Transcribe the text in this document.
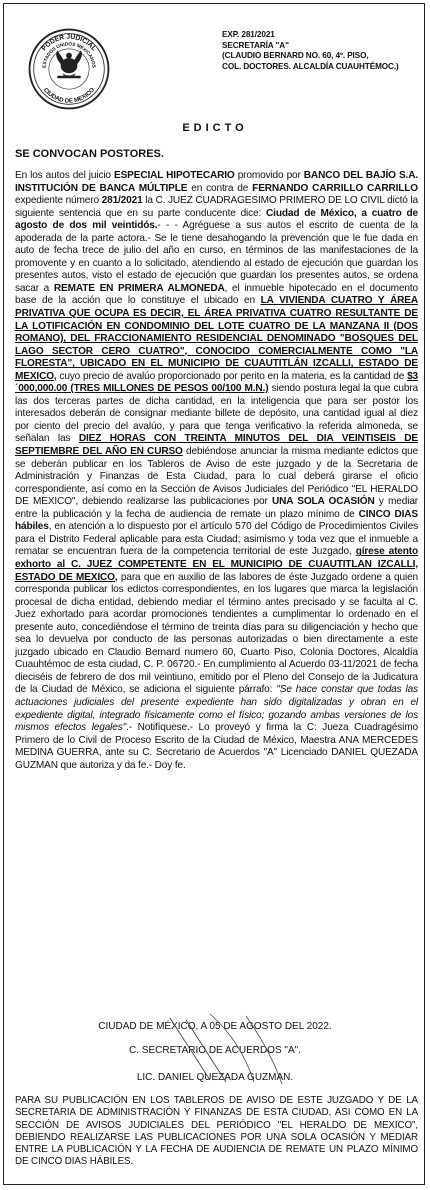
PODER JUDICIAL
ESTADOS UNIDOS MEXICANOS
CIUDAD DE MEXICO
EXP. 281/2021
SECRETARÍA "A"
(CLAUDIO BERNARD NO. 60, 4º. PISO,
COL. DOCTORES. ALCALDÍA CUAUHTÉMOC.)
EDICTO
SE CONVOCAN POSTORES.
En los autos del juicio ESPECIAL HIPOTECARIO promovido por BANCO DEL BAJÍO S.A. INSTITUCIÓN DE BANCA MÚLTIPLE en contra de FERNANDO CARRILLO CARRILLO expediente número 281/2021 la C. JUEZ CUADRAGESIMO PRIMERO DE LO CIVIL dictó la siguiente sentencia que en su parte conducente dice: Ciudad de México, a cuatro de agosto de dos mil veintidós.- - - Agréguese a sus autos el escrito de cuenta de la apoderada de la parte actora.- Se le tiene desahogando la prevención que le fue dada en auto de fecha trece de julio del año en curso, en términos de las manifestaciones de la promovente y en cuanto a lo solicitado, atendiendo al estado de ejecución que guardan los presentes autos, visto el estado de ejecución que guardan los presentes autos, se ordena sacar a REMATE EN PRIMERA ALMONEDA, el inmueble hipotecado en el documento base de la acción que lo constituye el ubicado en LA VIVIENDA CUATRO Y ÁREA PRIVATIVA QUE OCUPA ES DECIR, EL ÁREA PRIVATIVA CUATRO RESULTANTE DE LA LOTIFICACIÓN EN CONDOMINIO DEL LOTE CUATRO DE LA MANZANA II (DOS ROMANO), DEL FRACCIONAMIENTO RESIDENCIAL DENOMINADO "BOSQUES DEL LAGO SECTOR CERO CUATRO", CONOCIDO COMERCIALMENTE COMO "LA FLORESTA", UBICADO EN EL MUNICIPIO DE CUAUTITLÁN IZCALLI, ESTADO DE MEXICO, cuyo precio de avalúo proporcionado por perito en la materia, es la cantidad de $3´000,000.00 (TRES MILLONES DE PESOS 00/100 M.N.) siendo postura legal la que cubra las dos terceras partes de dicha cantidad, en la inteligencia que para ser postor los interesados deberán de consignar mediante billete de depósito, una cantidad igual al diez por ciento del precio del avalúo, y para que tenga verificativo la referida almoneda, se señalan las DIEZ HORAS CON TREINTA MINUTOS DEL DIA VEINTISEIS DE SEPTIEMBRE DEL AÑO EN CURSO debiéndose anunciar la misma mediante edictos que se deberán publicar en los Tableros de Aviso de este juzgado y de la Secretaria de Administración y Finanzas de Esta Ciudad, para lo cual deberá girarse el oficio correspondiente, así como en la Sección de Avisos Judiciales del Periódico "EL HERALDO DE MEXICO", debiendo realizarse las publicaciones por UNA SOLA OCASIÓN y mediar entre la publicación y la fecha de audiencia de remate un plazo mínimo de CINCO DIAS hábiles, en atención a lo dispuesto por el artículo 570 del Código de Procedimientos Civiles para el Distrito Federal aplicable para esta Ciudad; asimismo y toda vez que el inmueble a rematar se encuentran fuera de la competencia territorial de este Juzgado, gírese atento exhorto al C. JUEZ COMPETENTE EN EL MUNICIPIO DE CUAUTITLAN IZCALLI, ESTADO DE MEXICO, para que en auxilio de las labores de éste Juzgado ordene a quien corresponda publicar los edictos correspondientes, en los lugares que marca la legislación procesal de dicha entidad, debiendo mediar el término antes precisado y se faculta al C. Juez exhortado para acordar promociones tendientes a cumplimentar lo ordenado en el presente auto, concediéndose el término de treinta días para su diligenciación y hecho que sea lo devuelva por conducto de las personas autorizadas o bien directamente a este juzgado ubicado en Claudio Bernard numero 60, Cuarto Piso, Colonia Doctores, Alcaldía Cuauhtémoc de esta ciudad, C. P. 06720.- En cumplimiento al Acuerdo 03-11/2021 de fecha dieciséis de febrero de dos mil veintiuno, emitido por el Pleno del Consejo de la Judicatura de la Ciudad de México, se adiciona el siguiente párrafo: "Se hace constar que todas las actuaciones judiciales del presente expediente han sido digitalizadas y obran en el expediente digital, integrado físicamente como el físico; gozando ambas versiones de los mismos efectos legales".- Notifíquese.- Lo proveyó y firma la C: Jueza Cuadragésimo Primero de lo Civil de Proceso Escrito de la Ciudad de México, Maestra ANA MERCEDES MEDINA GUERRA, ante su C. Secretario de Acuerdos "A" Licenciado DANIEL QUEZADA GUZMAN que autoriza y da fe.- Doy fe.
CIUDAD DE MÉXICO, A 05 DE AGOSTO DEL 2022.
C. SECRETARIO DE ACUERDOS "A".
LIC. DANIEL QUEZADA GUZMAN.
PARA SU PUBLICACIÓN EN LOS TABLEROS DE AVISO DE ESTE JUZGADO Y DE LA SECRETARIA DE ADMINISTRACIÓN Y FINANZAS DE ESTA CIUDAD, ASI COMO EN LA SECCIÓN DE AVISOS JUDICIALES DEL PERIÓDICO "EL HERALDO DE MEXICO", DEBIENDO REALIZARSE LAS PUBLICACIONES POR UNA SOLA OCASIÓN Y MEDIAR ENTRE LA PUBLICACIÓN Y LA FECHA DE AUDIENCIA DE REMATE UN PLAZO MÍNIMO DE CINCO DIAS HÁBILES.
